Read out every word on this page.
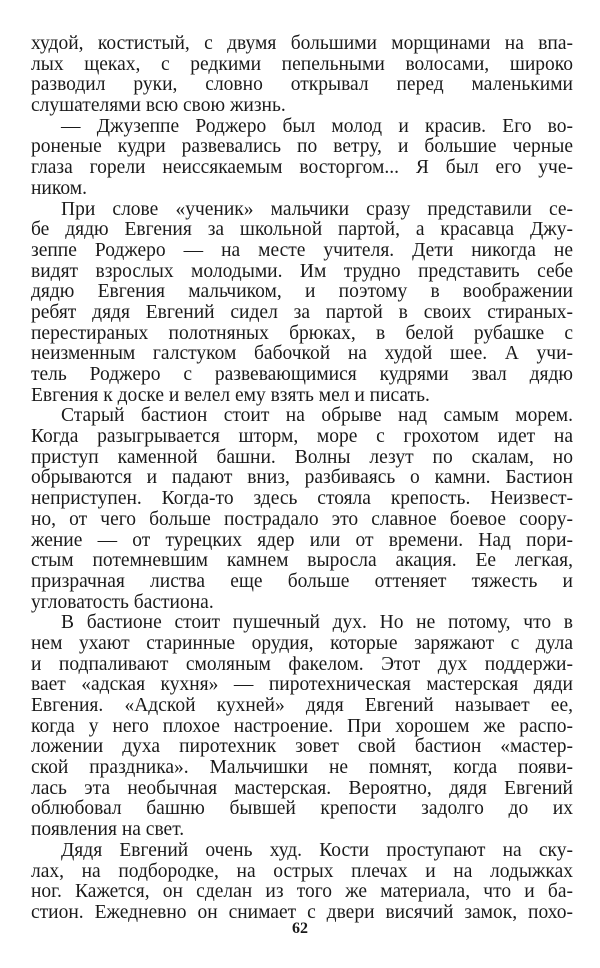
худой, костистый, с двумя большими морщинами на впа-
лых щеках, с редкими пепельными волосами, широко
разводил руки, словно открывал перед маленькими
слушателями всю свою жизнь.
— Джузеппе Роджеро был молод и красив. Его во-
роненые кудри развевались по ветру, и большие черные
глаза горели неиссякаемым восторгом... Я был его уче-
ником.
При слове «ученик» мальчики сразу представили се-
бе дядю Евгения за школьной партой, а красавца Джу-
зеппе Роджеро — на месте учителя. Дети никогда не
видят взрослых молодыми. Им трудно представить себе
дядю Евгения мальчиком, и поэтому в воображении
ребят дядя Евгений сидел за партой в своих стираных-
перестираных полотняных брюках, в белой рубашке с
неизменным галстуком бабочкой на худой шее. А учи-
тель Роджеро с развевающимися кудрями звал дядю
Евгения к доске и велел ему взять мел и писать.
Старый бастион стоит на обрыве над самым морем.
Когда разыгрывается шторм, море с грохотом идет на
приступ каменной башни. Волны лезут по скалам, но
обрываются и падают вниз, разбиваясь о камни. Бастион
неприступен. Когда-то здесь стояла крепость. Неизвест-
но, от чего больше пострадало это славное боевое соору-
жение — от турецких ядер или от времени. Над пори-
стым потемневшим камнем выросла акация. Ее легкая,
призрачная листва еще больше оттеняет тяжесть и
угловатость бастиона.
В бастионе стоит пушечный дух. Но не потому, что в
нем ухают старинные орудия, которые заряжают с дула
и подпаливают смоляным факелом. Этот дух поддержи-
вает «адская кухня» — пиротехническая мастерская дяди
Евгения. «Адской кухней» дядя Евгений называет ее,
когда у него плохое настроение. При хорошем же распо-
ложении духа пиротехник зовет свой бастион «мастер-
ской праздника». Мальчишки не помнят, когда появи-
лась эта необычная мастерская. Вероятно, дядя Евгений
облюбовал башню бывшей крепости задолго до их
появления на свет.
Дядя Евгений очень худ. Кости проступают на ску-
лах, на подбородке, на острых плечах и на лодыжках
ног. Кажется, он сделан из того же материала, что и ба-
стион. Ежедневно он снимает с двери висячий замок, похо-
62
